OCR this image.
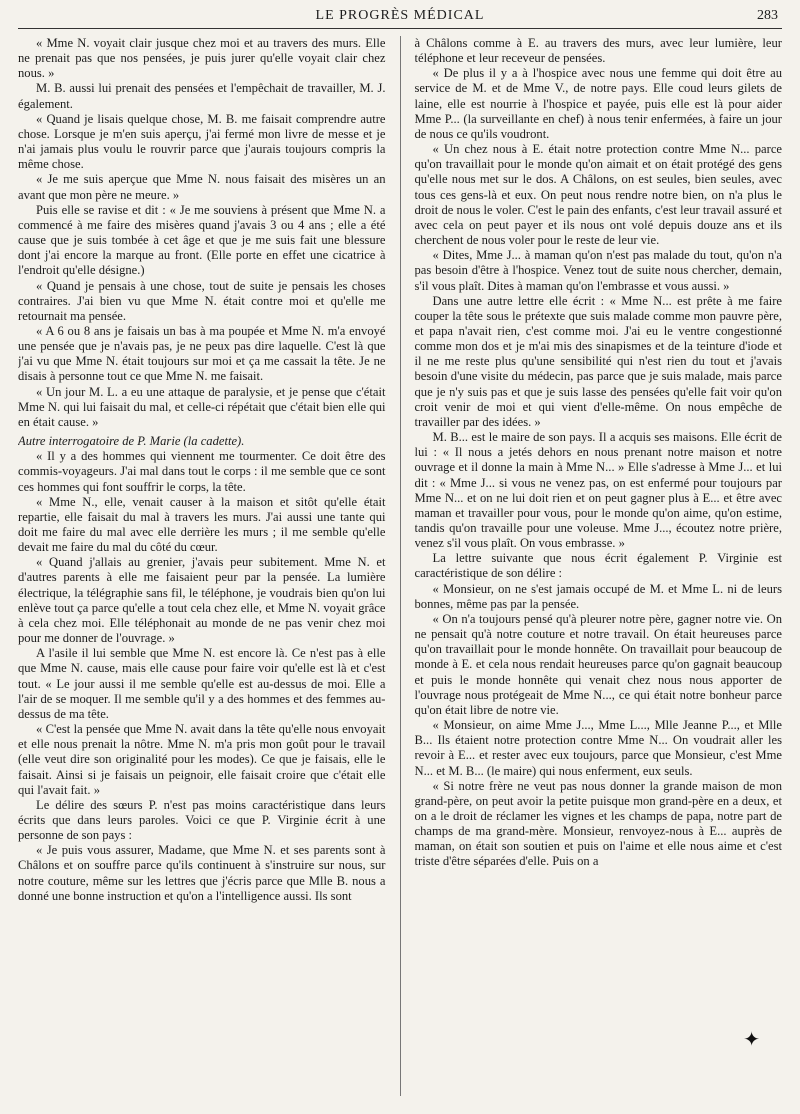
LE PROGRÈS MÉDICAL	283

« Mme N. voyait clair jusque chez moi et au travers des murs. Elle ne prenait pas que nos pensées, je puis jurer qu'elle voyait clair chez nous. »

M. B. aussi lui prenait des pensées et l'empêchait de travailler, M. J. également.

« Quand je lisais quelque chose, M. B. me faisait comprendre autre chose. Lorsque je m'en suis aperçu, j'ai fermé mon livre de messe et je n'ai jamais plus voulu le rouvrir parce que j'aurais toujours compris la même chose.

« Je me suis aperçue que Mme N. nous faisait des misères un an avant que mon père ne meure. »

Puis elle se ravise et dit : « Je me souviens à présent que Mme N. a commencé à me faire des misères quand j'avais 3 ou 4 ans ; elle a été cause que je suis tombée à cet âge et que je me suis fait une blessure dont j'ai encore la marque au front. (Elle porte en effet une cicatrice à l'endroit qu'elle désigne.)

« Quand je pensais à une chose, tout de suite je pensais les choses contraires. J'ai bien vu que Mme N. était contre moi et qu'elle me retournait ma pensée.

« A 6 ou 8 ans je faisais un bas à ma poupée et Mme N. m'a envoyé une pensée que je n'avais pas, je ne peux pas dire laquelle. C'est là que j'ai vu que Mme N. était toujours sur moi et ça me cassait la tête. Je ne disais à personne tout ce que Mme N. me faisait.

« Un jour M. L. a eu une attaque de paralysie, et je pense que c'était Mme N. qui lui faisait du mal, et celle-ci répétait que c'était bien elle qui en était cause. »

Autre interrogatoire de P. Marie (la cadette).

« Il y a des hommes qui viennent me tourmenter. Ce doit être des commis-voyageurs. J'ai mal dans tout le corps : il me semble que ce sont ces hommes qui font souffrir le corps, la tête.

« Mme N., elle, venait causer à la maison et sitôt qu'elle était repartie, elle faisait du mal à travers les murs. J'ai aussi une tante qui doit me faire du mal avec elle derrière les murs ; il me semble qu'elle devait me faire du mal du côté du cœur.

« Quand j'allais au grenier, j'avais peur subitement. Mme N. et d'autres parents à elle me faisaient peur par la pensée. La lumière électrique, la télégraphie sans fil, le téléphone, je voudrais bien qu'on lui enlève tout ça parce qu'elle a tout cela chez elle, et Mme N. voyait grâce à cela chez moi. Elle téléphonait au monde de ne pas venir chez moi pour me donner de l'ouvrage. »

A l'asile il lui semble que Mme N. est encore là. Ce n'est pas à elle que Mme N. cause, mais elle cause pour faire voir qu'elle est là et c'est tout. « Le jour aussi il me semble qu'elle est au-dessus de moi. Elle a l'air de se moquer. Il me semble qu'il y a des hommes et des femmes au-dessus de ma tête.

« C'est la pensée que Mme N. avait dans la tête qu'elle nous envoyait et elle nous prenait la nôtre. Mme N. m'a pris mon goût pour le travail (elle veut dire son originalité pour les modes). Ce que je faisais, elle le faisait. Ainsi si je faisais un peignoir, elle faisait croire que c'était elle qui l'avait fait. »

Le délire des sœurs P. n'est pas moins caractéristique dans leurs écrits que dans leurs paroles. Voici ce que P. Virginie écrit à une personne de son pays :

« Je puis vous assurer, Madame, que Mme N. et ses parents sont à Châlons et on souffre parce qu'ils continuent à s'instruire sur nous, sur notre couture, même sur les lettres que j'écris parce que Mlle B. nous a donné une bonne instruction et qu'on a l'intelligence aussi. Ils sont

à Châlons comme à E. au travers des murs, avec leur lumière, leur téléphone et leur receveur de pensées.

« De plus il y a à l'hospice avec nous une femme qui doit être au service de M. et de Mme V., de notre pays. Elle coud leurs gilets de laine, elle est nourrie à l'hospice et payée, puis elle est là pour aider Mme P... (la surveillante en chef) à nous tenir enfermées, à faire un jour de nous ce qu'ils voudront.

« Un chez nous à E. était notre protection contre Mme N... parce qu'on travaillait pour le monde qu'on aimait et on était protégé des gens qu'elle nous met sur le dos. A Châlons, on est seules, bien seules, avec tous ces gens-là et eux. On peut nous rendre notre bien, on n'a plus le droit de nous le voler. C'est le pain des enfants, c'est leur travail assuré et avec cela on peut payer et ils nous ont volé depuis douze ans et ils cherchent de nous voler pour le reste de leur vie.

« Dites, Mme J... à maman qu'on n'est pas malade du tout, qu'on n'a pas besoin d'être à l'hospice. Venez tout de suite nous chercher, demain, s'il vous plaît. Dites à maman qu'on l'embrasse et vous aussi. »

Dans une autre lettre elle écrit : « Mme N... est prête à me faire couper la tête sous le prétexte que suis malade comme mon pauvre père, et papa n'avait rien, c'est comme moi. J'ai eu le ventre congestionné comme mon dos et je m'ai mis des sinapismes et de la teinture d'iode et il ne me reste plus qu'une sensibilité qui n'est rien du tout et j'avais besoin d'une visite du médecin, pas parce que je suis malade, mais parce que je n'y suis pas et que je suis lasse des pensées qu'elle fait voir qu'on croit venir de moi et qui vient d'elle-même. On nous empêche de travailler par des idées. »

M. B... est le maire de son pays. Il a acquis ses maisons. Elle écrit de lui : « Il nous a jetés dehors en nous prenant notre maison et notre ouvrage et il donne la main à Mme N... » Elle s'adresse à Mme J... et lui dit : « Mme J... si vous ne venez pas, on est enfermé pour toujours par Mme N... et on ne lui doit rien et on peut gagner plus à E... et être avec maman et travailler pour vous, pour le monde qu'on aime, qu'on estime, tandis qu'on travaille pour une voleuse. Mme J..., écoutez notre prière, venez s'il vous plaît. On vous embrasse. »

La lettre suivante que nous écrit également P. Virginie est caractéristique de son délire :

« Monsieur, on ne s'est jamais occupé de M. et Mme L. ni de leurs bonnes, même pas par la pensée.

« On n'a toujours pensé qu'à pleurer notre père, gagner notre vie. On ne pensait qu'à notre couture et notre travail. On était heureuses parce qu'on travaillait pour le monde honnête. On travaillait pour beaucoup de monde à E. et cela nous rendait heureuses parce qu'on gagnait beaucoup et puis le monde honnête qui venait chez nous nous apporter de l'ouvrage nous protégeait de Mme N..., ce qui était notre bonheur parce qu'on était libre de notre vie.

« Monsieur, on aime Mme J..., Mme L..., Mlle Jeanne P..., et Mlle B... Ils étaient notre protection contre Mme N... On voudrait aller les revoir à E... et rester avec eux toujours, parce que Monsieur, c'est Mme N... et M. B... (le maire) qui nous enferment, eux seuls.

« Si notre frère ne veut pas nous donner la grande maison de mon grand-père, on peut avoir la petite puisque mon grand-père en a deux, et on a le droit de réclamer les vignes et les champs de papa, notre part de champs de ma grand-mère. Monsieur, renvoyez-nous à E... auprès de maman, on était son soutien et puis on l'aime et elle nous aime et c'est triste d'être séparées d'elle. Puis on a

✦
